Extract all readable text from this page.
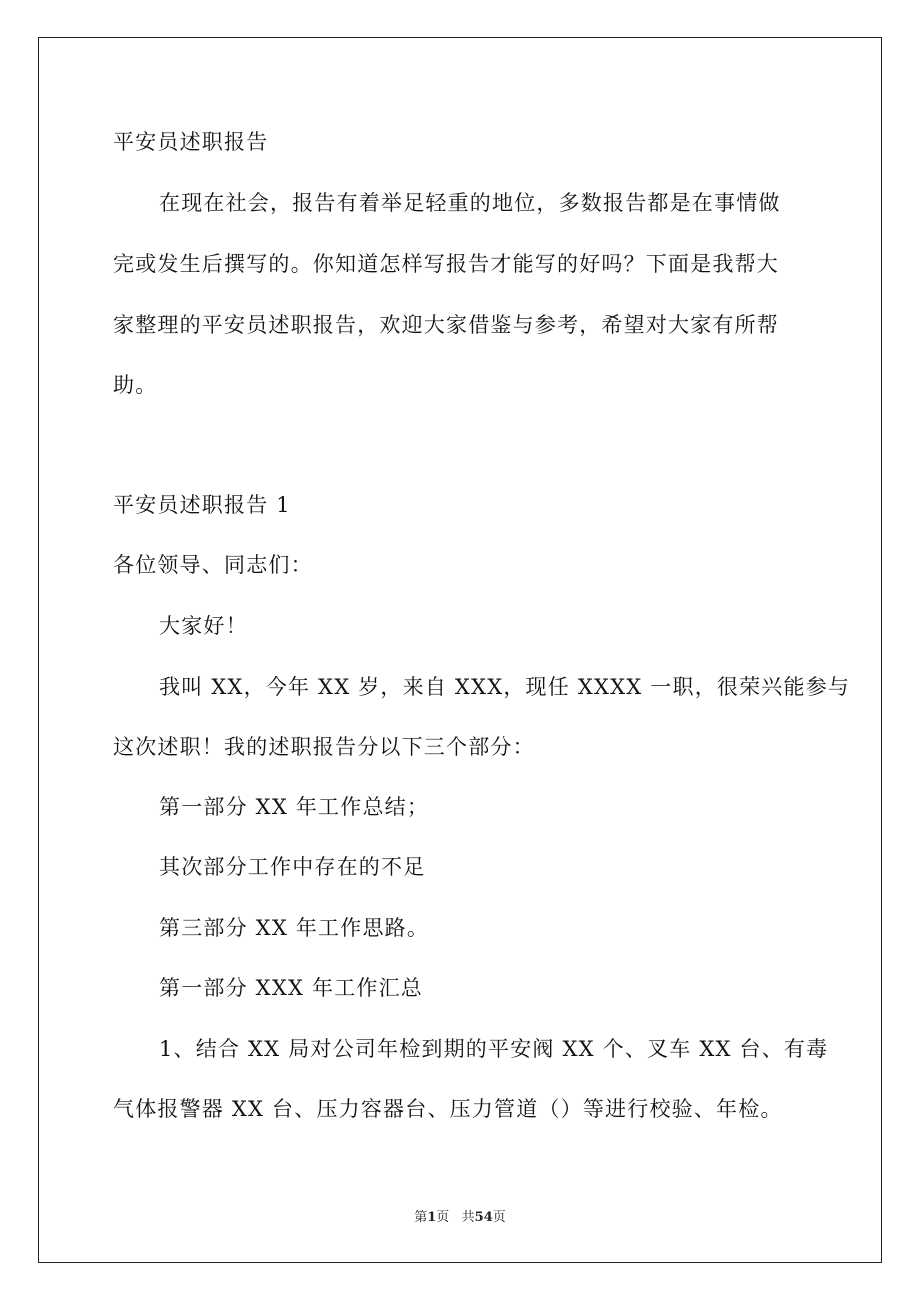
平安员述职报告
在现在社会，报告有着举足轻重的地位，多数报告都是在事情做
完或发生后撰写的。你知道怎样写报告才能写的好吗？下面是我帮大
家整理的平安员述职报告，欢迎大家借鉴与参考，希望对大家有所帮
助。
平安员述职报告 1
各位领导、同志们：
大家好！
我叫 XX，今年 XX 岁，来自 XXX，现任 XXXX 一职，很荣兴能参与
这次述职！我的述职报告分以下三个部分：
第一部分 XX 年工作总结；
其次部分工作中存在的不足
第三部分 XX 年工作思路。
第一部分 XXX 年工作汇总
1、结合 XX 局对公司年检到期的平安阀 XX 个、叉车 XX 台、有毒
气体报警器 XX 台、压力容器台、压力管道（）等进行校验、年检。
第1页   共54页
